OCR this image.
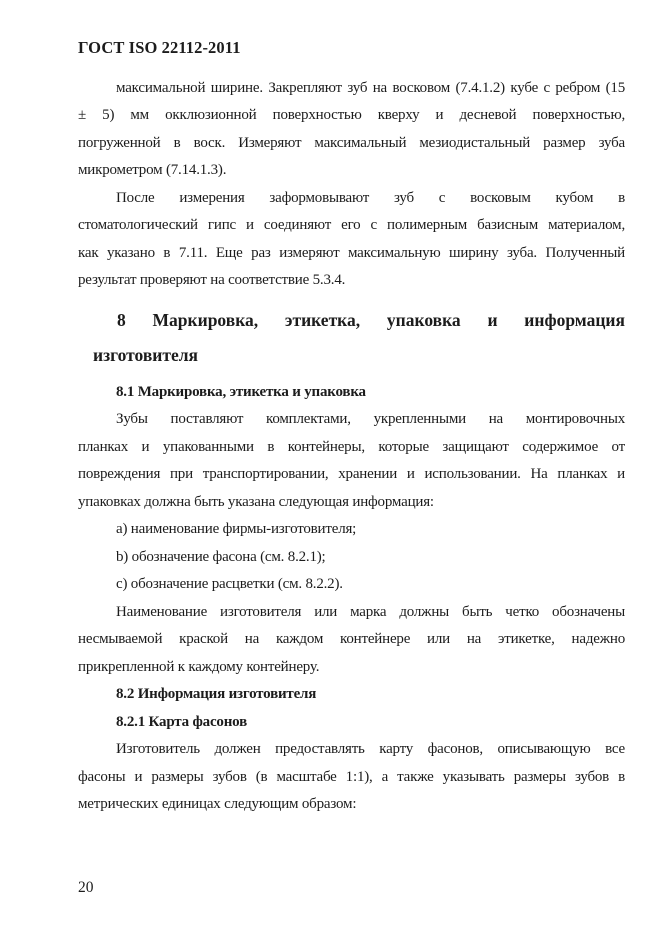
ГОСТ ISO 22112-2011
максимальной ширине. Закрепляют зуб на восковом (7.4.1.2) кубе с ребром (15
± 5) мм окклюзионной поверхностью кверху и десневой поверхностью,
погруженной в воск. Измеряют максимальный мезиодистальный размер зуба
микрометром (7.14.1.3).
После измерения заформовывают зуб с восковым кубом в
стоматологический гипс и соединяют его с полимерным базисным материалом,
как указано в 7.11. Еще раз измеряют максимальную ширину зуба. Полученный
результат проверяют на соответствие 5.3.4.
8 Маркировка, этикетка, упаковка и информация
изготовителя
8.1 Маркировка, этикетка и упаковка
Зубы поставляют комплектами, укрепленными на монтировочных
планках и упакованными в контейнеры, которые защищают содержимое от
повреждения при транспортировании, хранении и использовании. На планках и
упаковках должна быть указана следующая информация:
a) наименование фирмы-изготовителя;
b) обозначение фасона (см. 8.2.1);
c) обозначение расцветки (см. 8.2.2).
Наименование изготовителя или марка должны быть четко обозначены
несмываемой краской на каждом контейнере или на этикетке, надежно
прикрепленной к каждому контейнеру.
8.2 Информация изготовителя
8.2.1 Карта фасонов
Изготовитель должен предоставлять карту фасонов, описывающую все
фасоны и размеры зубов (в масштабе 1:1), а также указывать размеры зубов в
метрических единицах следующим образом:
20
